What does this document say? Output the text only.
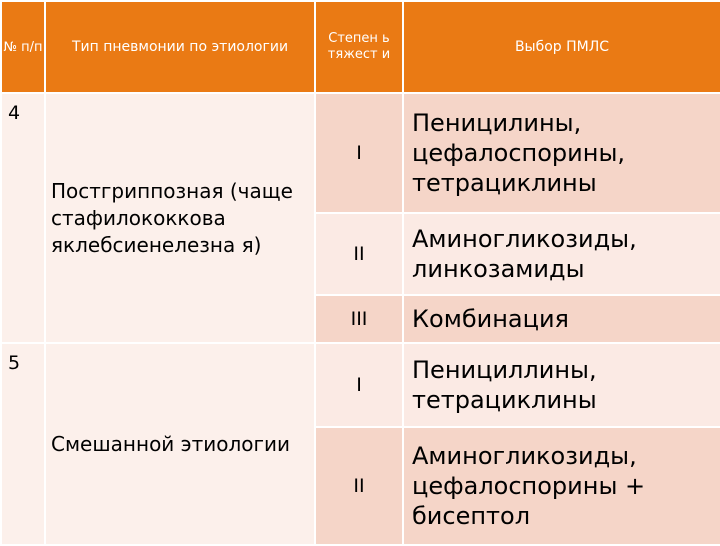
№ п/п	Тип пневмонии по этиологии	Степен ь тяжест и	Выбор ПМЛС
4	Постгриппозная (чаще стафилококкова яклебсиенелезна я)	I	Пеницилины, цефалоспорины, тетрациклины
		II	Аминогликозиды, линкозамиды
		III	Комбинация
5	Смешанной этиологии	I	Пенициллины, тетрациклины
		II	Аминогликозиды, цефалоспорины + бисептол
